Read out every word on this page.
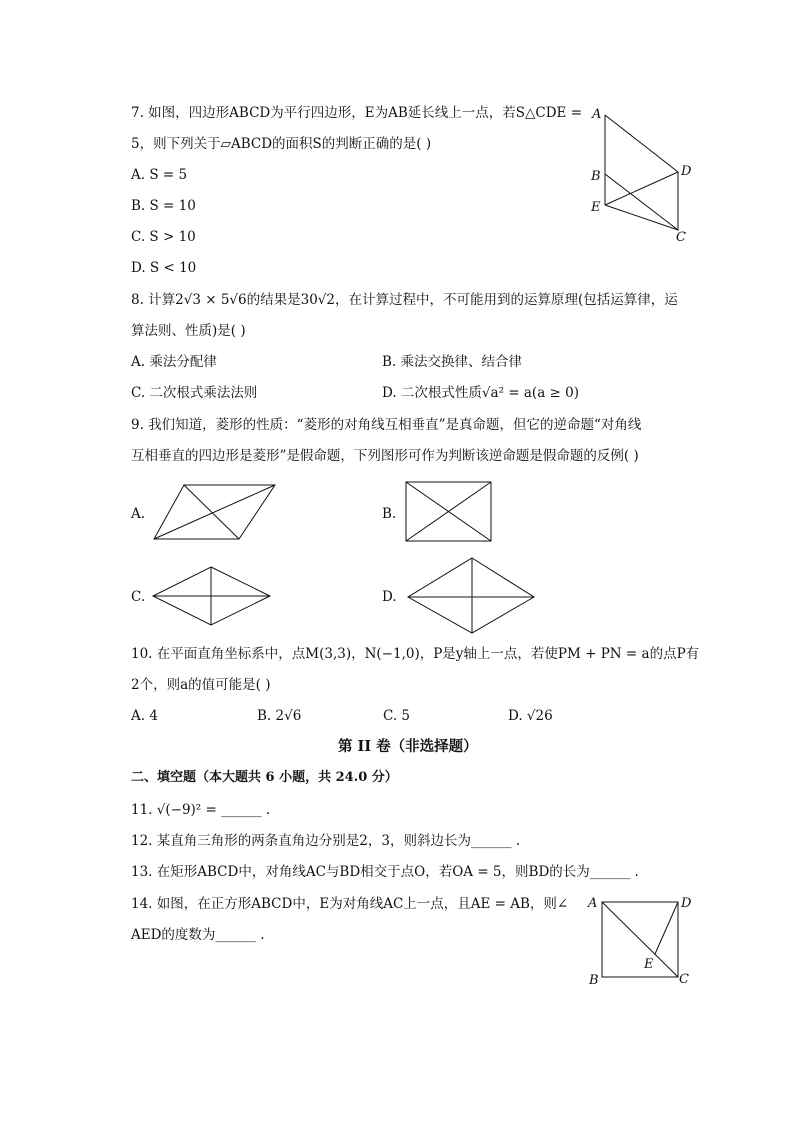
7. 如图，四边形ABCD为平行四边形，E为AB延长线上一点，若S△CDE =
5，则下列关于▱ABCD的面积S的判断正确的是( )
A. S = 5
B. S = 10
C. S > 10
D. S < 10
A
B
E
D
C
8. 计算2√3 × 5√6的结果是30√2，在计算过程中，不可能用到的运算原理(包括运算律，运
算法则、性质)是( )
A. 乘法分配律	B. 乘法交换律、结合律
C. 二次根式乘法法则	D. 二次根式性质√a² = a(a ≥ 0)
9. 我们知道，菱形的性质：“菱形的对角线互相垂直”是真命题，但它的逆命题“对角线
互相垂直的四边形是菱形”是假命题，下列图形可作为判断该逆命题是假命题的反例( )
A.	B.
C.	D.
10. 在平面直角坐标系中，点M(3,3)，N(−1,0)，P是y轴上一点，若使PM + PN = a的点P有
2个，则a的值可能是( )
A. 4	B. 2√6	C. 5	D. √26
第 II 卷（非选择题）
二、填空题（本大题共 6 小题，共 24.0 分）
11. √(−9)² = ______ .
12. 某直角三角形的两条直角边分别是2，3，则斜边长为______ .
13. 在矩形ABCD中，对角线AC与BD相交于点O，若OA = 5，则BD的长为______ .
14. 如图，在正方形ABCD中，E为对角线AC上一点，且AE = AB，则∠
AED的度数为______ .
A	D
B	C
E
